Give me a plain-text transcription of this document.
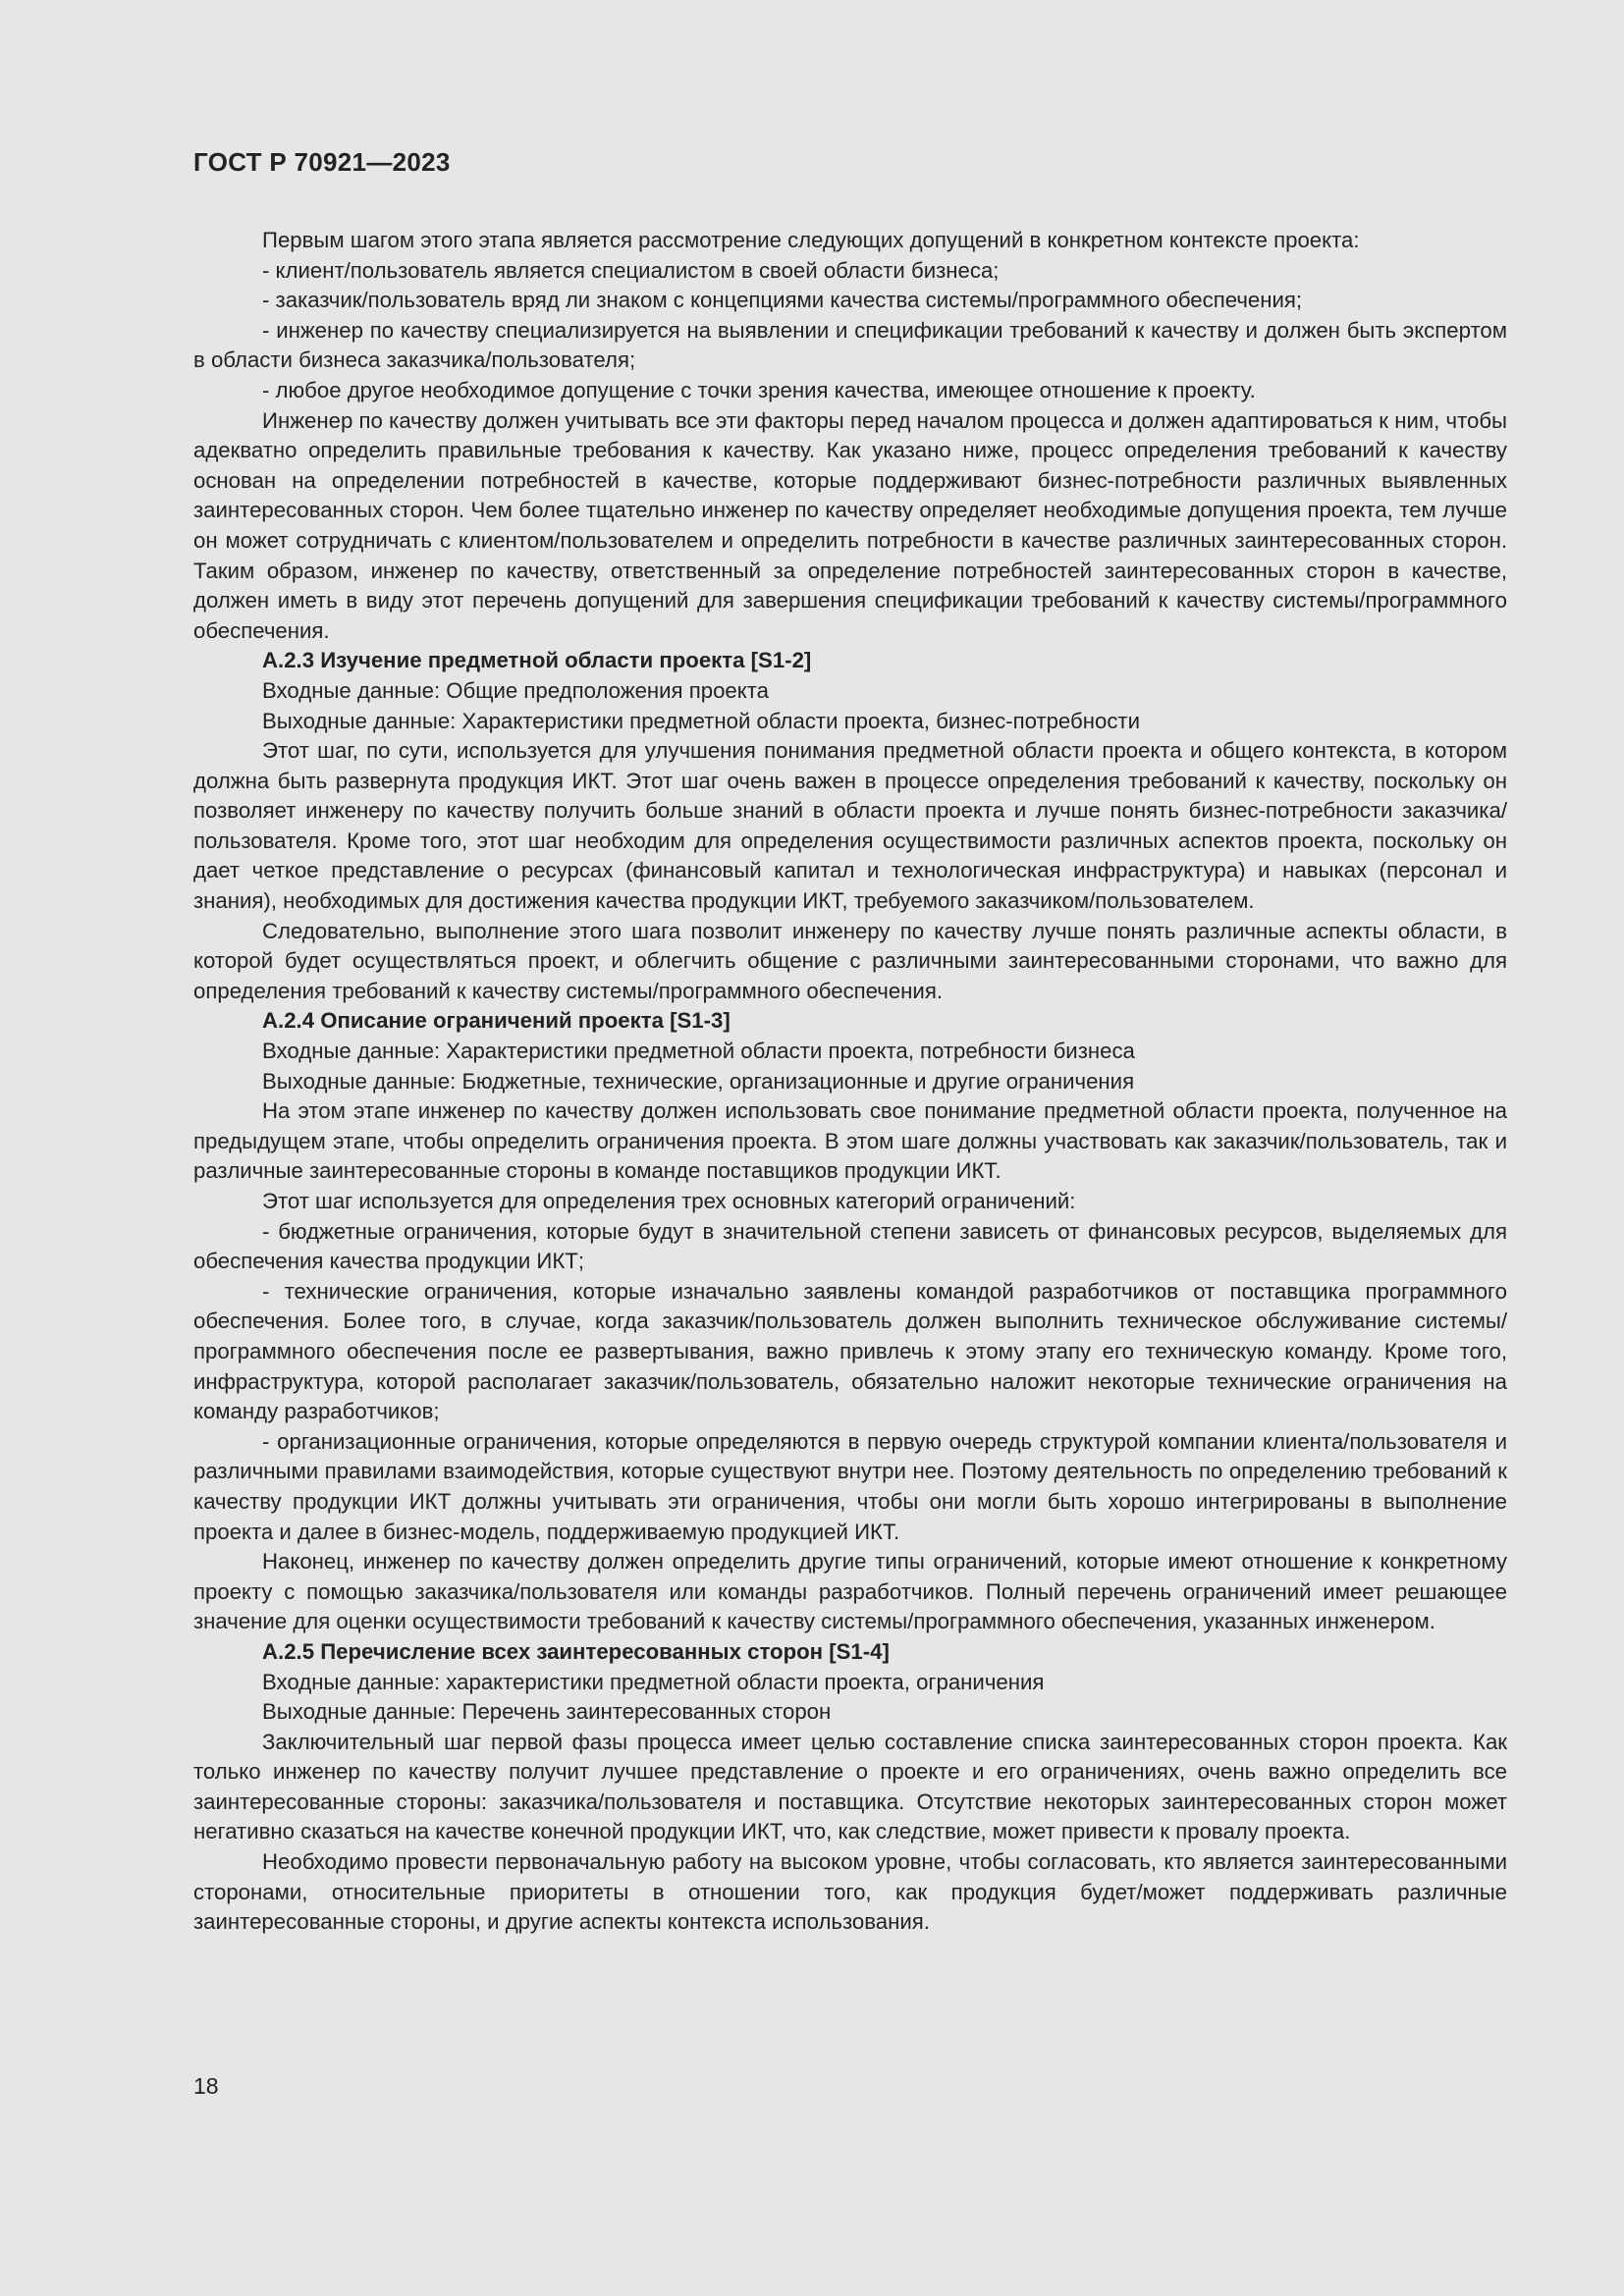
ГОСТ Р 70921—2023

Первым шагом этого этапа является рассмотрение следующих допущений в конкретном контексте проекта:

- клиент/пользователь является специалистом в своей области бизнеса;

- заказчик/пользователь вряд ли знаком с концепциями качества системы/программного обеспечения;

- инженер по качеству специализируется на выявлении и спецификации требований к качеству и должен быть экспертом в области бизнеса заказчика/пользователя;

- любое другое необходимое допущение с точки зрения качества, имеющее отношение к проекту.

Инженер по качеству должен учитывать все эти факторы перед началом процесса и должен адаптироваться к ним, чтобы адекватно определить правильные требования к качеству. Как указано ниже, процесс определения требований к качеству основан на определении потребностей в качестве, которые поддерживают бизнес-потребности различных выявленных заинтересованных сторон. Чем более тщательно инженер по качеству определяет необходимые допущения проекта, тем лучше он может сотрудничать с клиентом/пользователем и определить потребности в качестве различных заинтересованных сторон. Таким образом, инженер по качеству, ответственный за определение потребностей заинтересованных сторон в качестве, должен иметь в виду этот перечень допущений для завершения спецификации требований к качеству системы/программного обеспечения.

А.2.3 Изучение предметной области проекта [S1-2]

Входные данные: Общие предположения проекта

Выходные данные: Характеристики предметной области проекта, бизнес-потребности

Этот шаг, по сути, используется для улучшения понимания предметной области проекта и общего контекста, в котором должна быть развернута продукция ИКТ. Этот шаг очень важен в процессе определения требований к качеству, поскольку он позволяет инженеру по качеству получить больше знаний в области проекта и лучше понять бизнес-потребности заказчика/пользователя. Кроме того, этот шаг необходим для определения осуществимости различных аспектов проекта, поскольку он дает четкое представление о ресурсах (финансовый капитал и технологическая инфраструктура) и навыках (персонал и знания), необходимых для достижения качества продукции ИКТ, требуемого заказчиком/пользователем.

Следовательно, выполнение этого шага позволит инженеру по качеству лучше понять различные аспекты области, в которой будет осуществляться проект, и облегчить общение с различными заинтересованными сторонами, что важно для определения требований к качеству системы/программного обеспечения.

А.2.4 Описание ограничений проекта [S1-3]

Входные данные: Характеристики предметной области проекта, потребности бизнеса

Выходные данные: Бюджетные, технические, организационные и другие ограничения

На этом этапе инженер по качеству должен использовать свое понимание предметной области проекта, полученное на предыдущем этапе, чтобы определить ограничения проекта. В этом шаге должны участвовать как заказчик/пользователь, так и различные заинтересованные стороны в команде поставщиков продукции ИКТ.

Этот шаг используется для определения трех основных категорий ограничений:

- бюджетные ограничения, которые будут в значительной степени зависеть от финансовых ресурсов, выделяемых для обеспечения качества продукции ИКТ;

- технические ограничения, которые изначально заявлены командой разработчиков от поставщика программного обеспечения. Более того, в случае, когда заказчик/пользователь должен выполнить техническое обслуживание системы/программного обеспечения после ее развертывания, важно привлечь к этому этапу его техническую команду. Кроме того, инфраструктура, которой располагает заказчик/пользователь, обязательно наложит некоторые технические ограничения на команду разработчиков;

- организационные ограничения, которые определяются в первую очередь структурой компании клиента/пользователя и различными правилами взаимодействия, которые существуют внутри нее. Поэтому деятельность по определению требований к качеству продукции ИКТ должны учитывать эти ограничения, чтобы они могли быть хорошо интегрированы в выполнение проекта и далее в бизнес-модель, поддерживаемую продукцией ИКТ.

Наконец, инженер по качеству должен определить другие типы ограничений, которые имеют отношение к конкретному проекту с помощью заказчика/пользователя или команды разработчиков. Полный перечень ограничений имеет решающее значение для оценки осуществимости требований к качеству системы/программного обеспечения, указанных инженером.

А.2.5 Перечисление всех заинтересованных сторон [S1-4]

Входные данные: характеристики предметной области проекта, ограничения

Выходные данные: Перечень заинтересованных сторон

Заключительный шаг первой фазы процесса имеет целью составление списка заинтересованных сторон проекта. Как только инженер по качеству получит лучшее представление о проекте и его ограничениях, очень важно определить все заинтересованные стороны: заказчика/пользователя и поставщика. Отсутствие некоторых заинтересованных сторон может негативно сказаться на качестве конечной продукции ИКТ, что, как следствие, может привести к провалу проекта.

Необходимо провести первоначальную работу на высоком уровне, чтобы согласовать, кто является заинтересованными сторонами, относительные приоритеты в отношении того, как продукция будет/может поддерживать различные заинтересованные стороны, и другие аспекты контекста использования.

18
